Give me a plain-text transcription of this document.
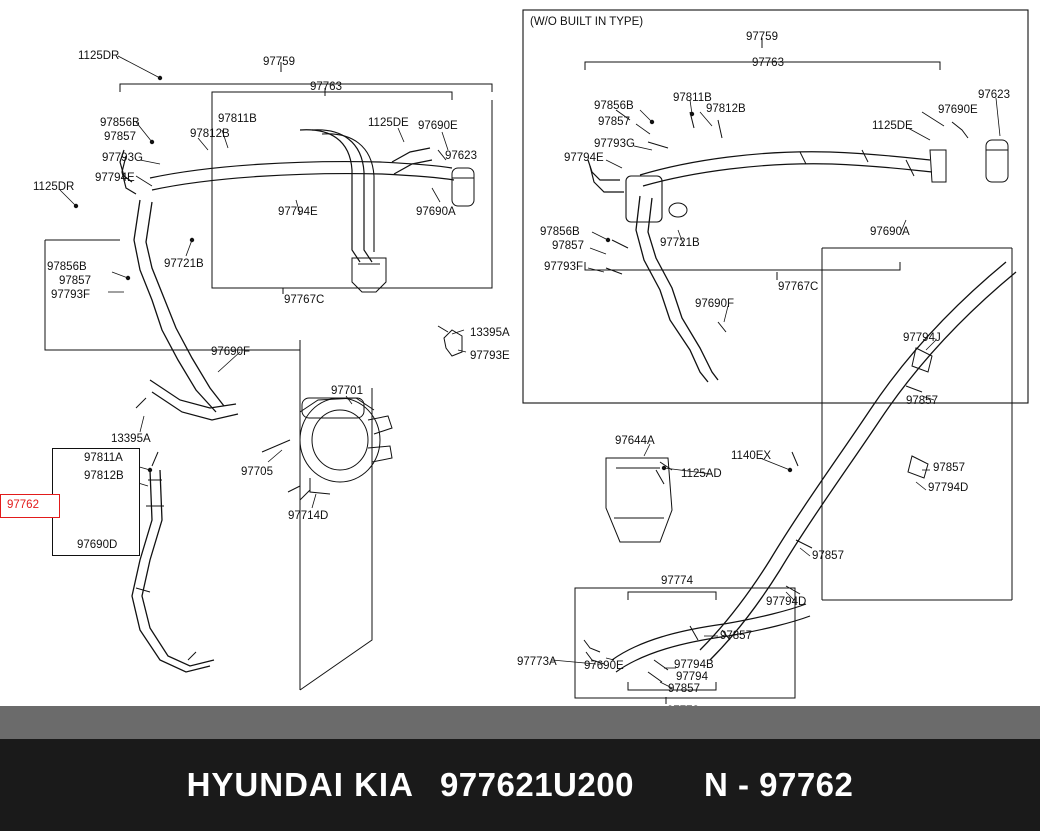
(W/O BUILT IN TYPE)
1125DR	97759
97763
97856B
97857
97811B
97812B
1125DE 97690E
97793G
97794E
97623
1125DR
97690A
97794E
97856B
97857
97793F
97721B
97767C
13395A
97793E
97690F
13395A
97701
97705
97714D
97759
97763
97856B
97811B
97812B
97857
97690E
97623
97793G
1125DE
97794E
97690A
97856B
97857	97721B
97793F
97767C
97690F
97794J
97857
97644A
1140EX
1125AD	97857
97794D
97857
97794D
97774
97857
97773A 97690E	97794B
97794
97857
97811A
97812B
97690D
97762
HYUNDAI KIA 977621U200 N - 97762
